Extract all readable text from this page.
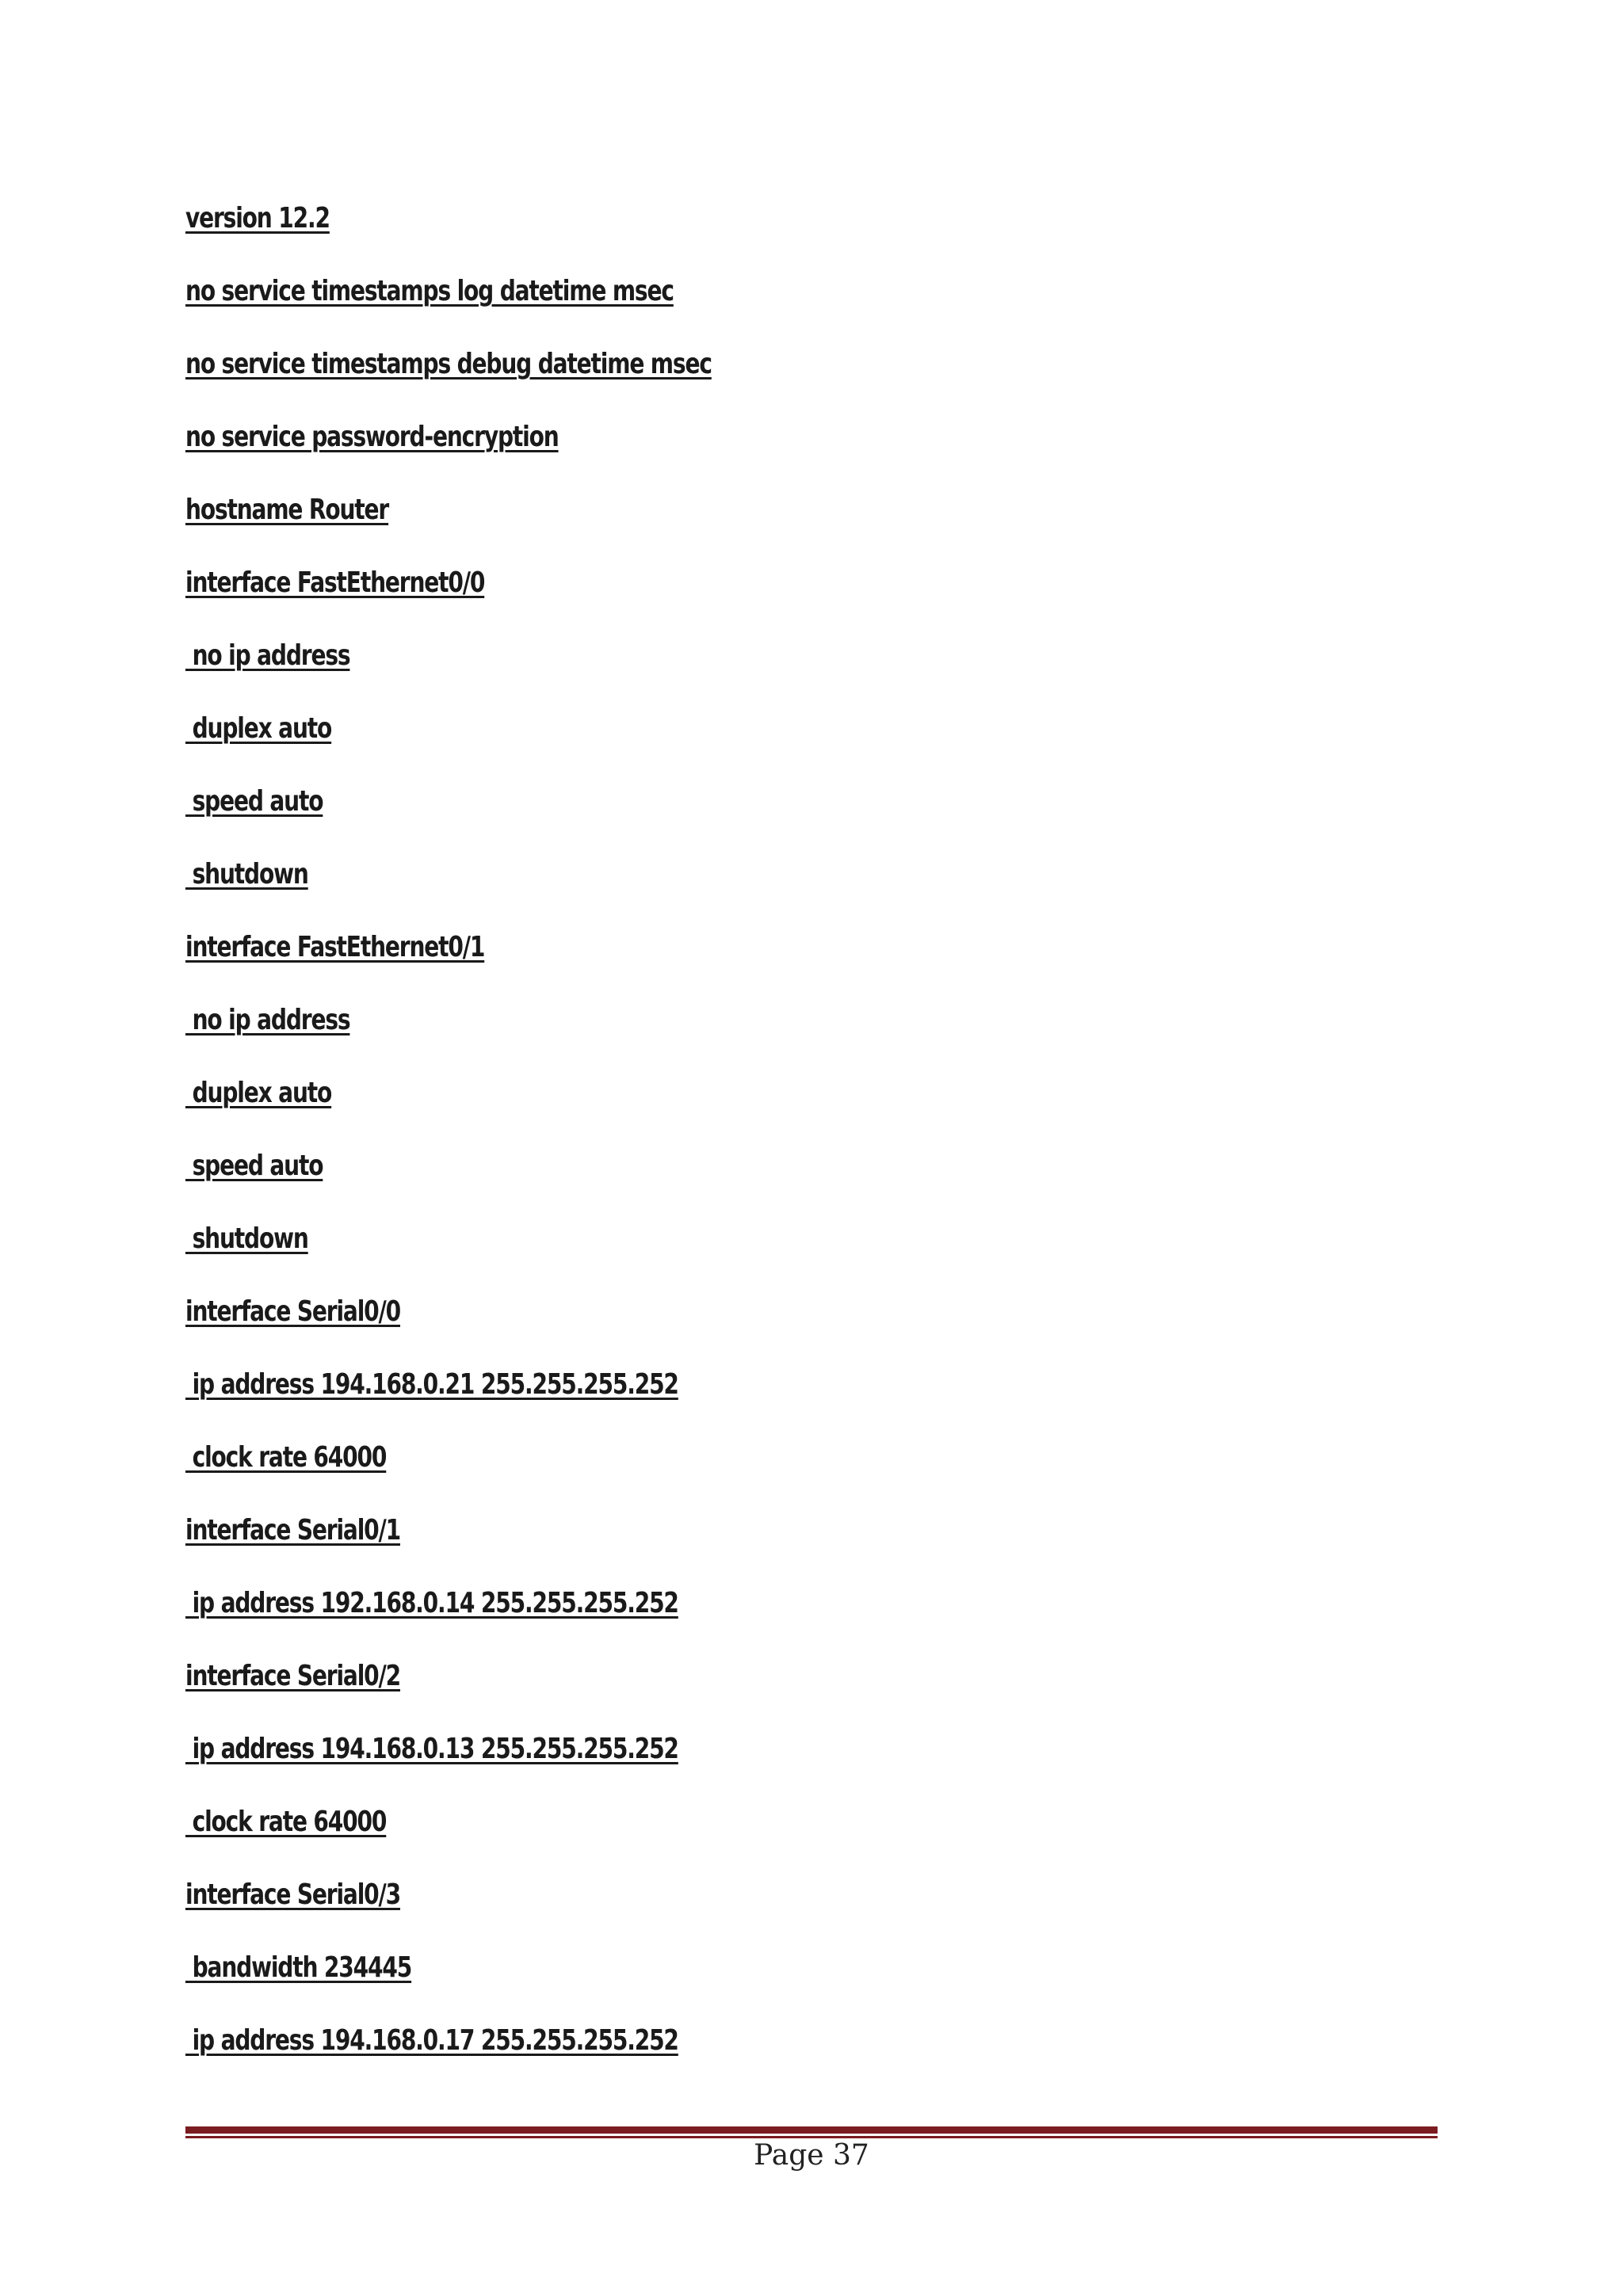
version 12.2
no service timestamps log datetime msec
no service timestamps debug datetime msec
no service password-encryption
hostname Router
interface FastEthernet0/0
no ip address
duplex auto
speed auto
shutdown
interface FastEthernet0/1
no ip address
duplex auto
speed auto
shutdown
interface Serial0/0
ip address 194.168.0.21 255.255.255.252
clock rate 64000
interface Serial0/1
ip address 192.168.0.14 255.255.255.252
interface Serial0/2
ip address 194.168.0.13 255.255.255.252
clock rate 64000
interface Serial0/3
bandwidth 234445
ip address 194.168.0.17 255.255.255.252
Page 37
